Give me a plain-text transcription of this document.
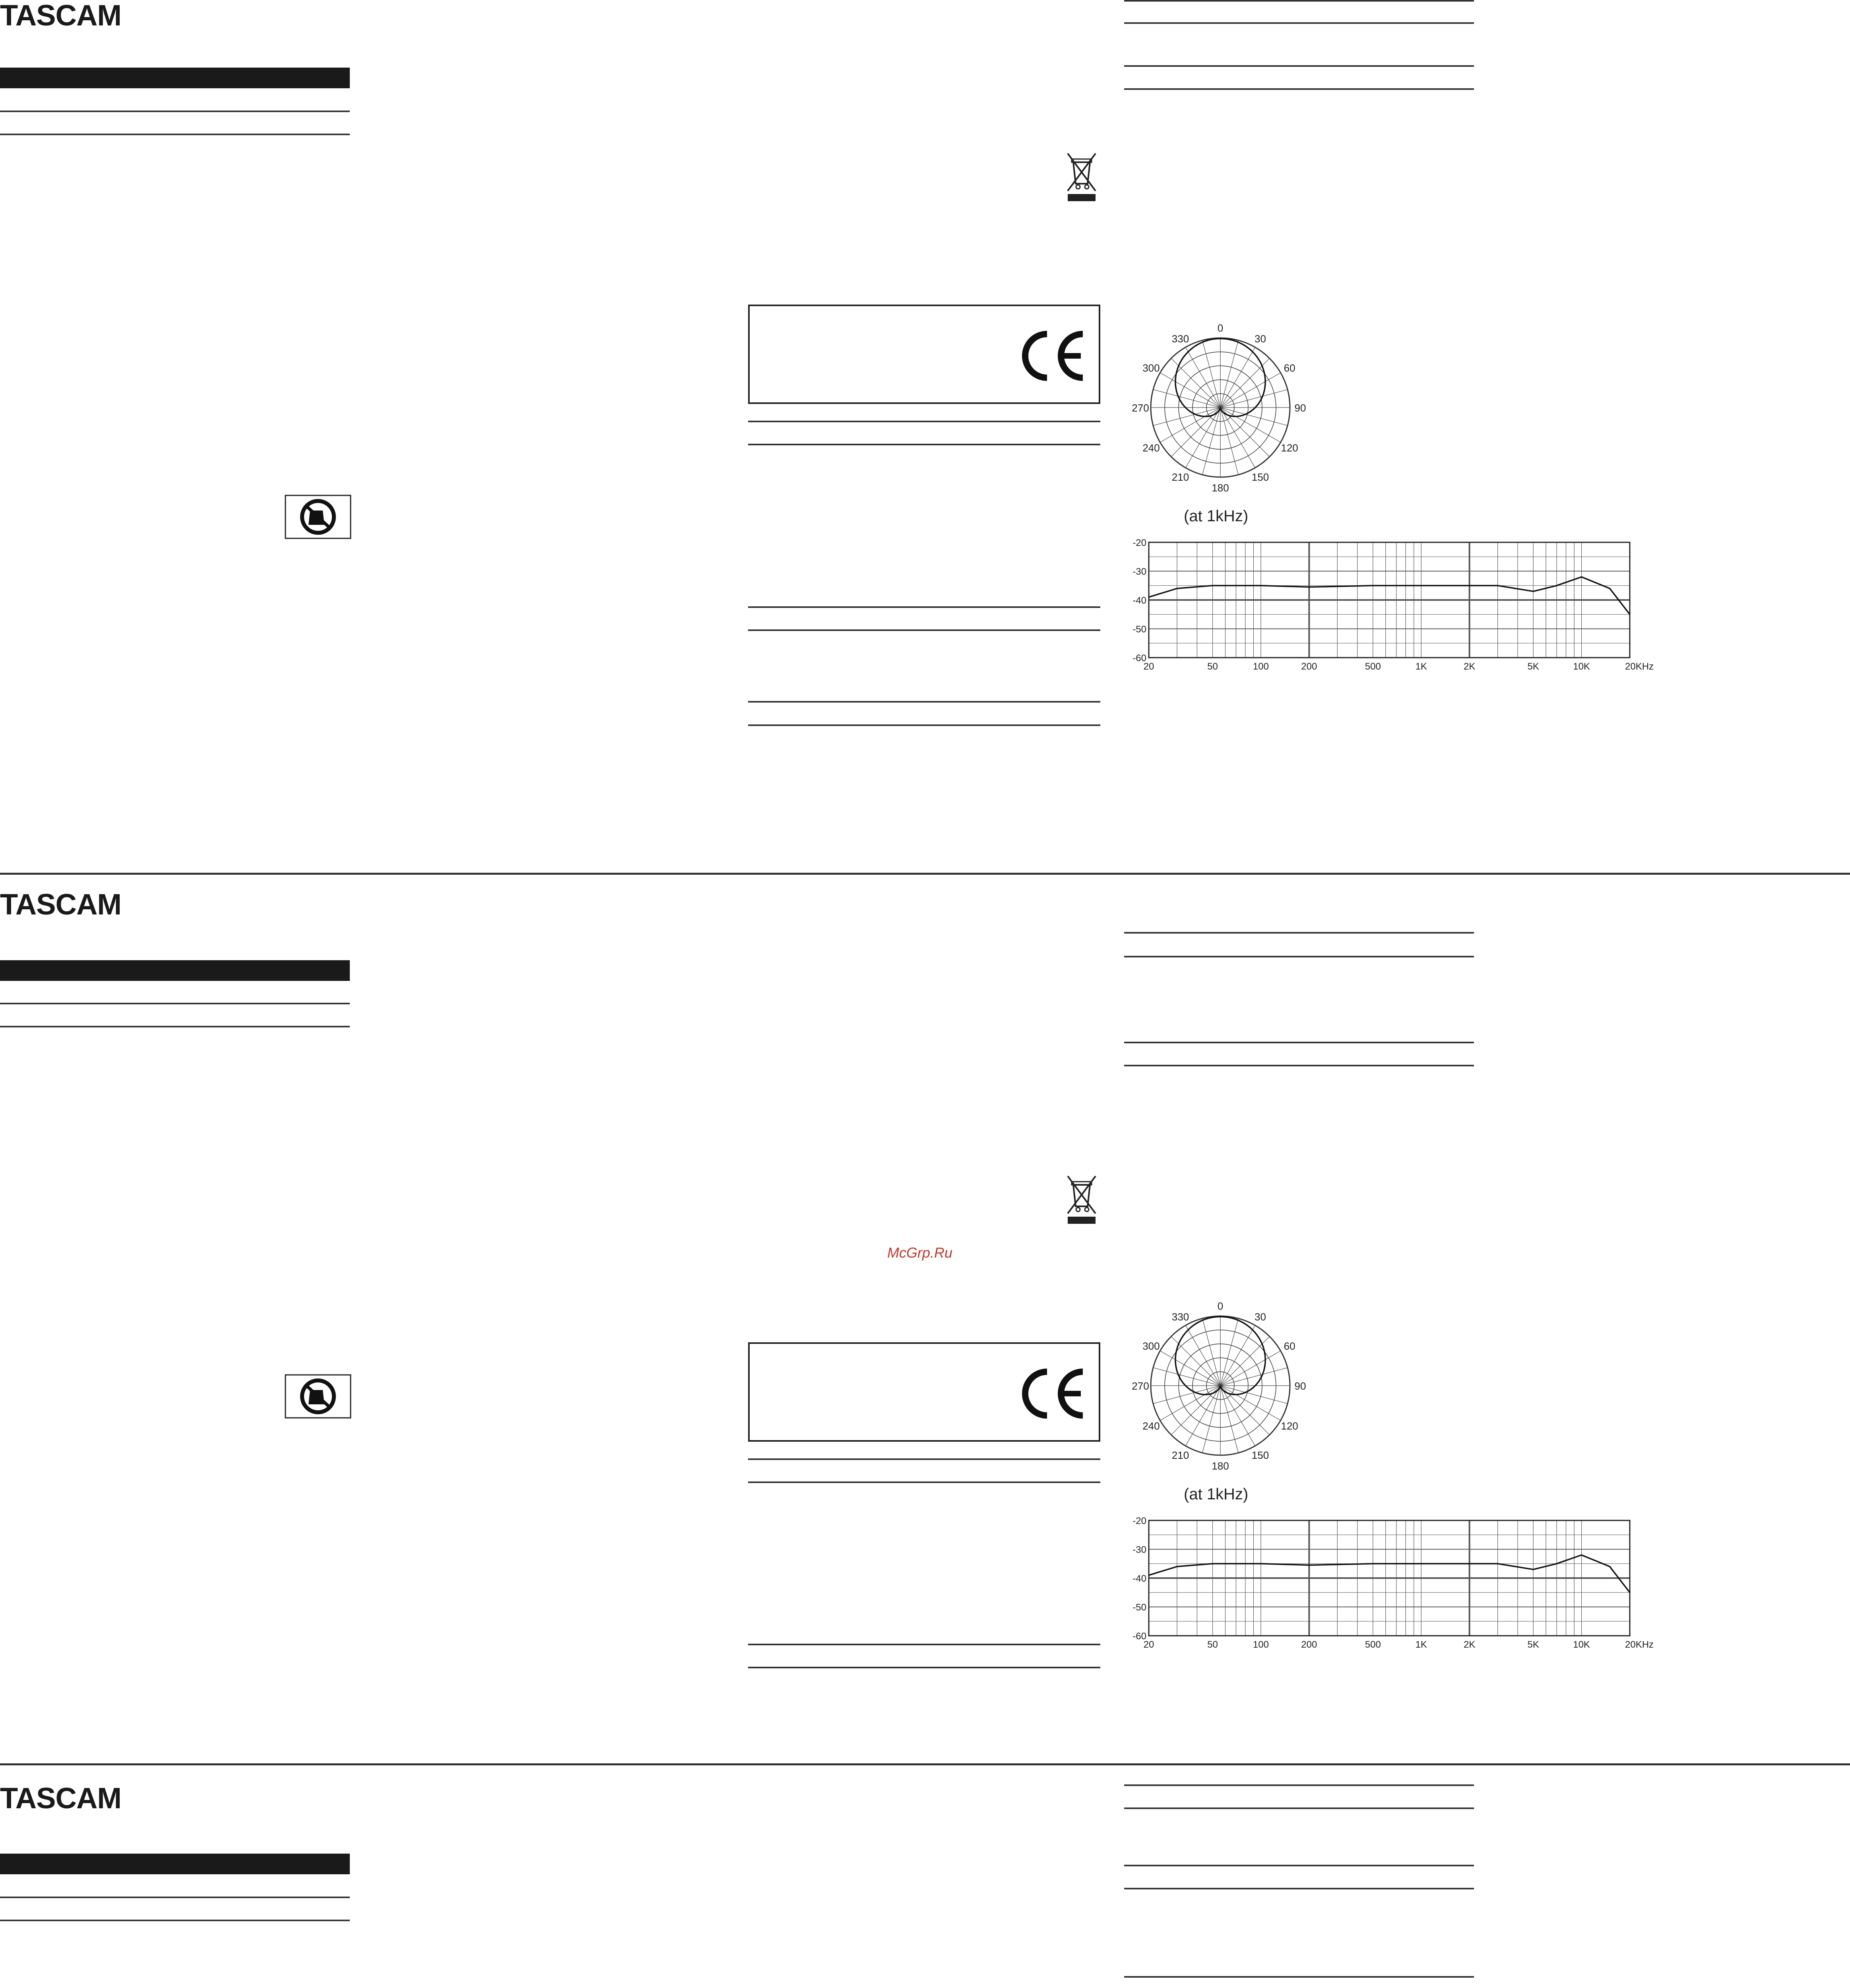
TASCAM
0
30
60
90
120
150
180
210
240
270
300
330
(at 1kHz)
-20
-30
-40
-50
-60
20	50	100	200	500	1K	2K	5K	10K	20KHz
TASCAM
McGrp.Ru
0
30
60
90
120
150
180
210
240
270
300
330
(at 1kHz)
-20
-30
-40
-50
-60
20	50	100	200	500	1K	2K	5K	10K	20KHz
TASCAM
